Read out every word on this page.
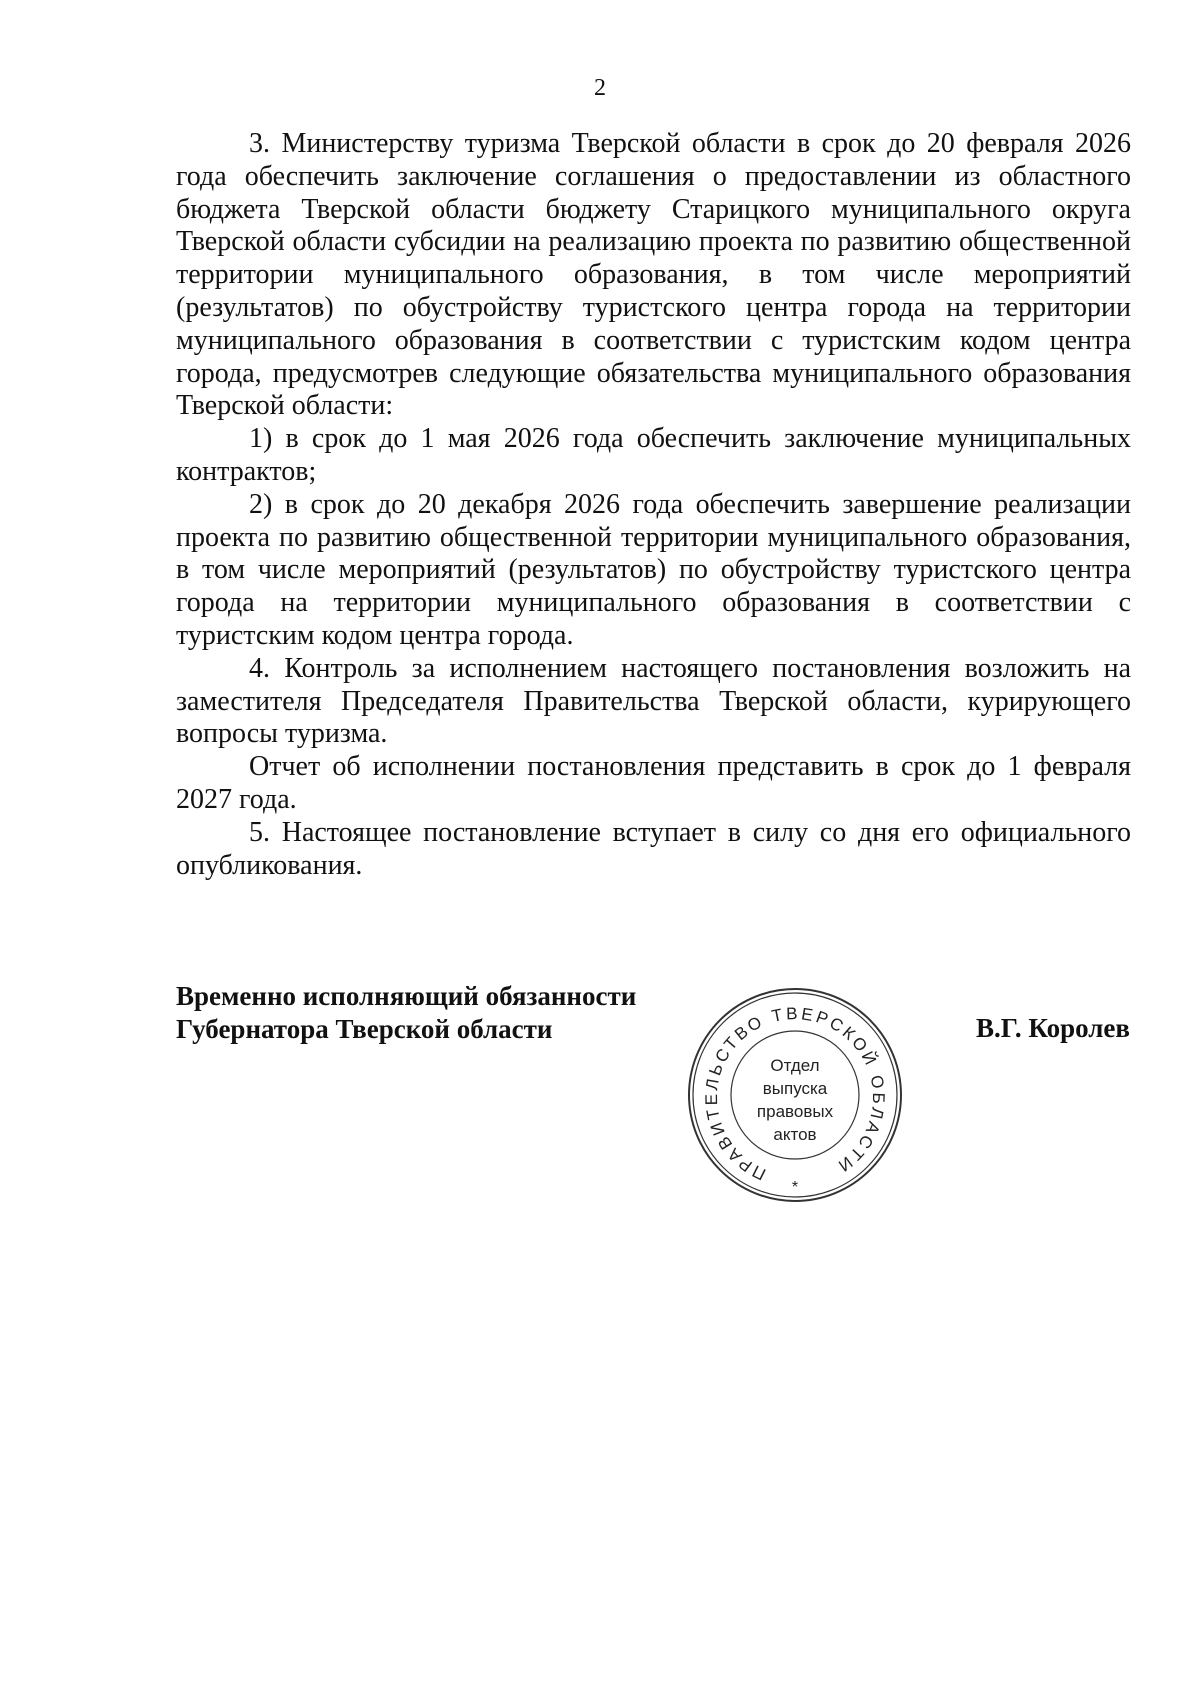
2

3. Министерству туризма Тверской области в срок до 20 февраля 2026 года обеспечить заключение соглашения о предоставлении из областного бюджета Тверской области бюджету Старицкого муниципального округа Тверской области субсидии на реализацию проекта по развитию общественной территории муниципального образования, в том числе мероприятий (результатов) по обустройству туристского центра города на территории муниципального образования в соответствии с туристским кодом центра города, предусмотрев следующие обязательства муниципального образования Тверской области:

1) в срок до 1 мая 2026 года обеспечить заключение муниципальных контрактов;

2) в срок до 20 декабря 2026 года обеспечить завершение реализации проекта по развитию общественной территории муниципального образования, в том числе мероприятий (результатов) по обустройству туристского центра города на территории муниципального образования в соответствии с туристским кодом центра города.

4. Контроль за исполнением настоящего постановления возложить на заместителя Председателя Правительства Тверской области, курирующего вопросы туризма.

Отчет об исполнении постановления представить в срок до 1 февраля 2027 года.

5. Настоящее постановление вступает в силу со дня его официального опубликования.

Временно исполняющий обязанности
Губернатора Тверской области	В.Г. Королев
ПРАВИТЕЛЬСТВО ТВЕРСКОЙ ОБЛАСТИ
*
Отдел
выпуска
правовых
актов
